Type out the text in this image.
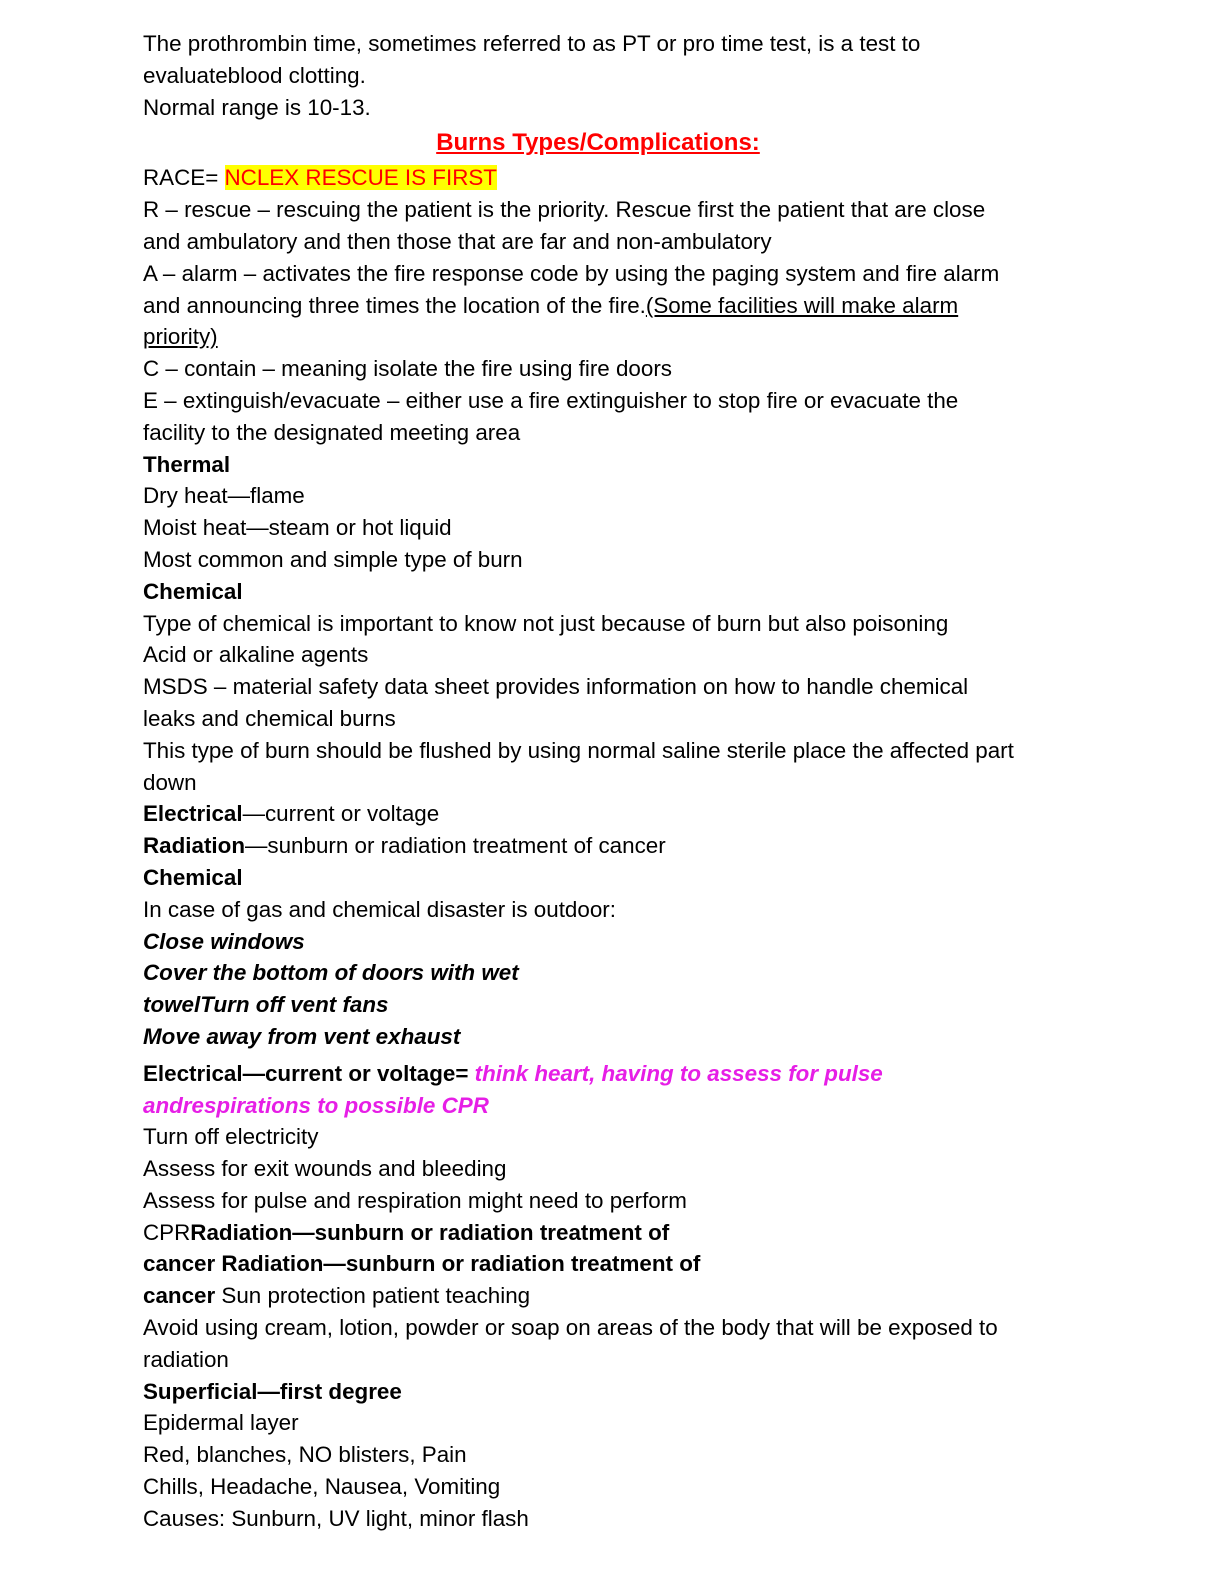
The prothrombin time, sometimes referred to as PT or pro time test, is a test to
evaluateblood clotting.
Normal range is 10-13.
Burns Types/Complications:
RACE= NCLEX RESCUE IS FIRST
R – rescue – rescuing the patient is the priority. Rescue first the patient that are close
and ambulatory and then those that are far and non-ambulatory
A – alarm – activates the fire response code by using the paging system and fire alarm
and announcing three times the location of the fire.(Some facilities will make alarm
priority)
C – contain – meaning isolate the fire using fire doors
E – extinguish/evacuate – either use a fire extinguisher to stop fire or evacuate the
facility to the designated meeting area
Thermal
Dry heat—flame
Moist heat—steam or hot liquid
Most common and simple type of burn
Chemical
Type of chemical is important to know not just because of burn but also poisoning
Acid or alkaline agents
MSDS – material safety data sheet provides information on how to handle chemical
leaks and chemical burns
This type of burn should be flushed by using normal saline sterile place the affected part
down
Electrical—current or voltage
Radiation—sunburn or radiation treatment of cancer
Chemical
In case of gas and chemical disaster is outdoor:
Close windows
Cover the bottom of doors with wet
towelTurn off vent fans
Move away from vent exhaust
Electrical—current or voltage= think heart, having to assess for pulse
andrespirations to possible CPR
Turn off electricity
Assess for exit wounds and bleeding
Assess for pulse and respiration might need to perform
CPRRadiation—sunburn or radiation treatment of
cancer Radiation—sunburn or radiation treatment of
cancer Sun protection patient teaching
Avoid using cream, lotion, powder or soap on areas of the body that will be exposed to
radiation
Superficial—first degree
Epidermal layer
Red, blanches, NO blisters, Pain
Chills, Headache, Nausea, Vomiting
Causes: Sunburn, UV light, minor flash
